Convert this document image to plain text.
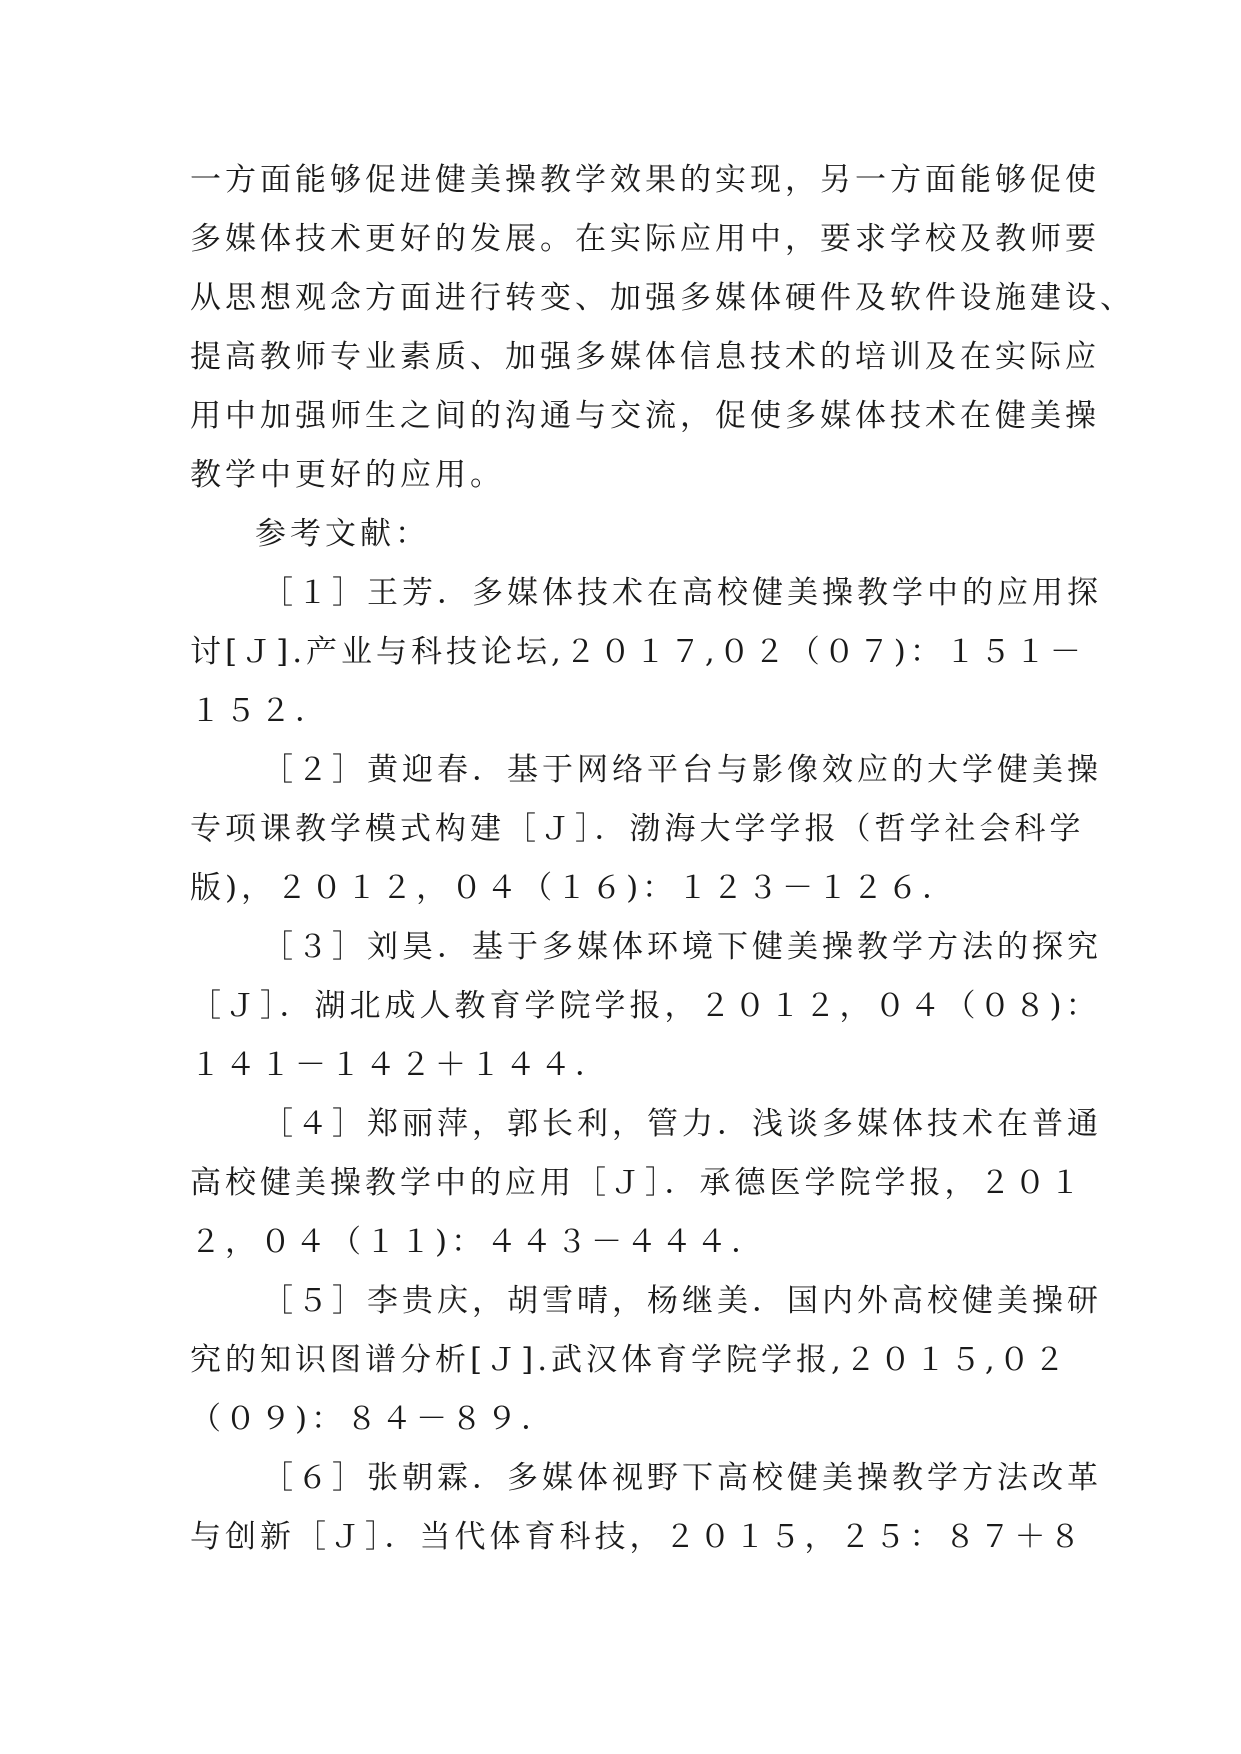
一方面能够促进健美操教学效果的实现，另一方面能够促使
多媒体技术更好的发展。在实际应用中，要求学校及教师要
从思想观念方面进行转变、加强多媒体硬件及软件设施建设、
提高教师专业素质、加强多媒体信息技术的培训及在实际应
用中加强师生之间的沟通与交流，促使多媒体技术在健美操
教学中更好的应用。
参考文献：
［１］王芳．多媒体技术在高校健美操教学中的应用探
讨[Ｊ].产业与科技论坛,２０１７,０２（０７)：１５１－
１５２．
［２］黄迎春．基于网络平台与影像效应的大学健美操
专项课教学模式构建［Ｊ］．渤海大学学报（哲学社会科学
版)，２０１２，０４（１６)：１２３－１２６．
［３］刘昊．基于多媒体环境下健美操教学方法的探究
［Ｊ］．湖北成人教育学院学报，２０１２，０４（０８)：
１４１－１４２＋１４４．
［４］郑丽萍，郭长利，管力．浅谈多媒体技术在普通
高校健美操教学中的应用［Ｊ］．承德医学院学报，２０１
２，０４（１１)：４４３－４４４．
［５］李贵庆，胡雪晴，杨继美．国内外高校健美操研
究的知识图谱分析[Ｊ].武汉体育学院学报,２０１５,０２
（０９)：８４－８９．
［６］张朝霖．多媒体视野下高校健美操教学方法改革
与创新［Ｊ］．当代体育科技，２０１５，２５：８７＋８
